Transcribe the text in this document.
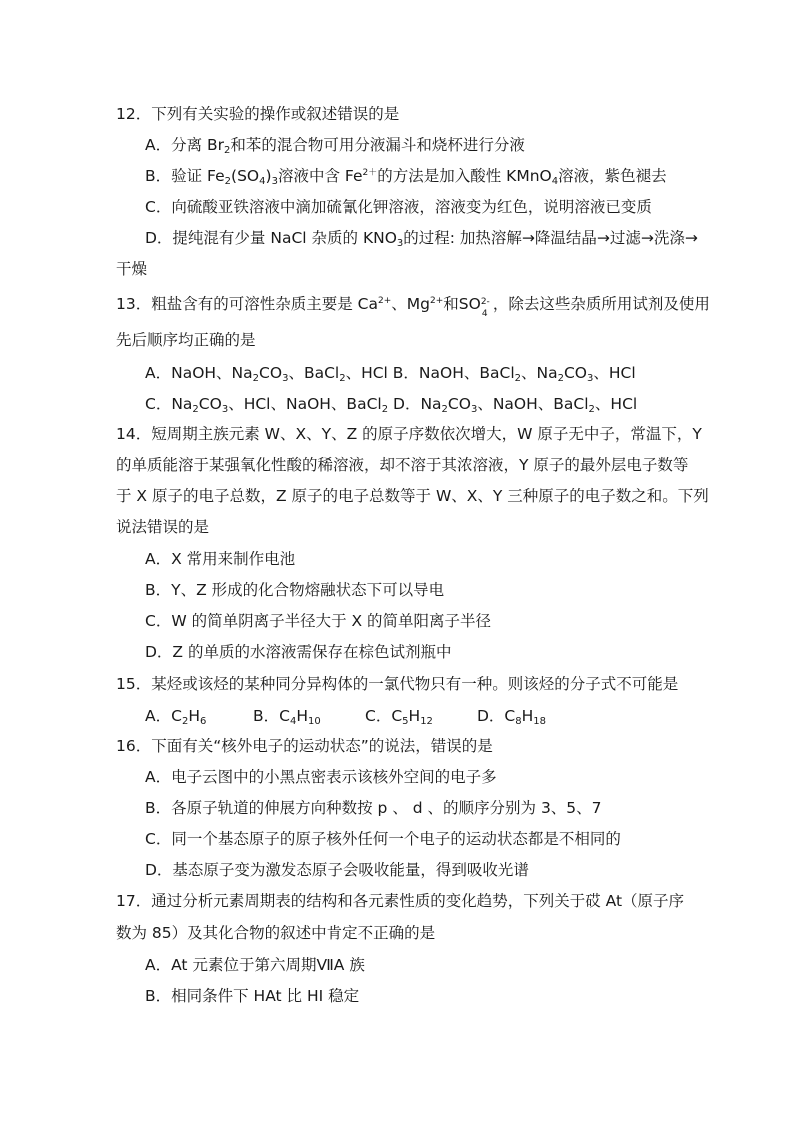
12．下列有关实验的操作或叙述错误的是
A．分离 $Br_2$和苯的混合物可用分液漏斗和烧杯进行分液
B．验证 $Fe_2(SO_4)_3$溶液中含 $Fe^{2+}$的方法是加入酸性 KMnO$_4$溶液，紫色褪去
C．向硫酸亚铁溶液中滴加硫氰化钾溶液，溶液变为红色，说明溶液已变质
D．提纯混有少量 NaCl 杂质的 $KNO_3$的过程: 加热溶解→降温结晶→过滤→洗涤→
干燥
13．粗盐含有的可溶性杂质主要是 $Ca^{2+}$、$Mg^{2+}$和SO 2-
4
，除去这些杂质所用试剂及使用
先后顺序均正确的是
A．NaOH、$Na_2CO_3$、BaCl$_2$、HCl B．NaOH、BaCl$_2$、$Na_2CO_3$、HCl
C．$Na_2CO_3$、HCl、NaOH、BaCl$_2$ D．$Na_2CO_3$、NaOH、BaCl$_2$、HCl
14．短周期主族元素 W、X、Y、Z 的原子序数依次增大，W 原子无中子，常温下，Y
的单质能溶于某强氧化性酸的稀溶液，却不溶于其浓溶液，Y 原子的最外层电子数等
于 X 原子的电子总数，Z 原子的电子总数等于 W、X、Y 三种原子的电子数之和。下列
说法错误的是
A．X 常用来制作电池
B．Y、Z 形成的化合物熔融状态下可以导电
C．W 的简单阴离子半径大于 X 的简单阳离子半径
D．Z 的单质的水溶液需保存在棕色试剂瓶中
15．某烃或该烃的某种同分异构体的一氯代物只有一种。则该烃的分子式不可能是
A．$C_2H_6$	B．$C_4H_{10}$	C．$C_5H_{12}$	D．$C_8H_{18}$
16．下面有关“核外电子的运动状态”的说法，错误的是
A．电子云图中的小黑点密表示该核外空间的电子多
B．各原子轨道的伸展方向种数按 p 、 d 、的顺序分别为 3、5、7
C．同一个基态原子的原子核外任何一个电子的运动状态都是不相同的
D．基态原子变为激发态原子会吸收能量，得到吸收光谱
17．通过分析元素周期表的结构和各元素性质的变化趋势，下列关于砹 At（原子序
数为 85）及其化合物的叙述中肯定不正确的是
A．At 元素位于第六周期ⅦA 族
B．相同条件下 HAt 比 HI 稳定
